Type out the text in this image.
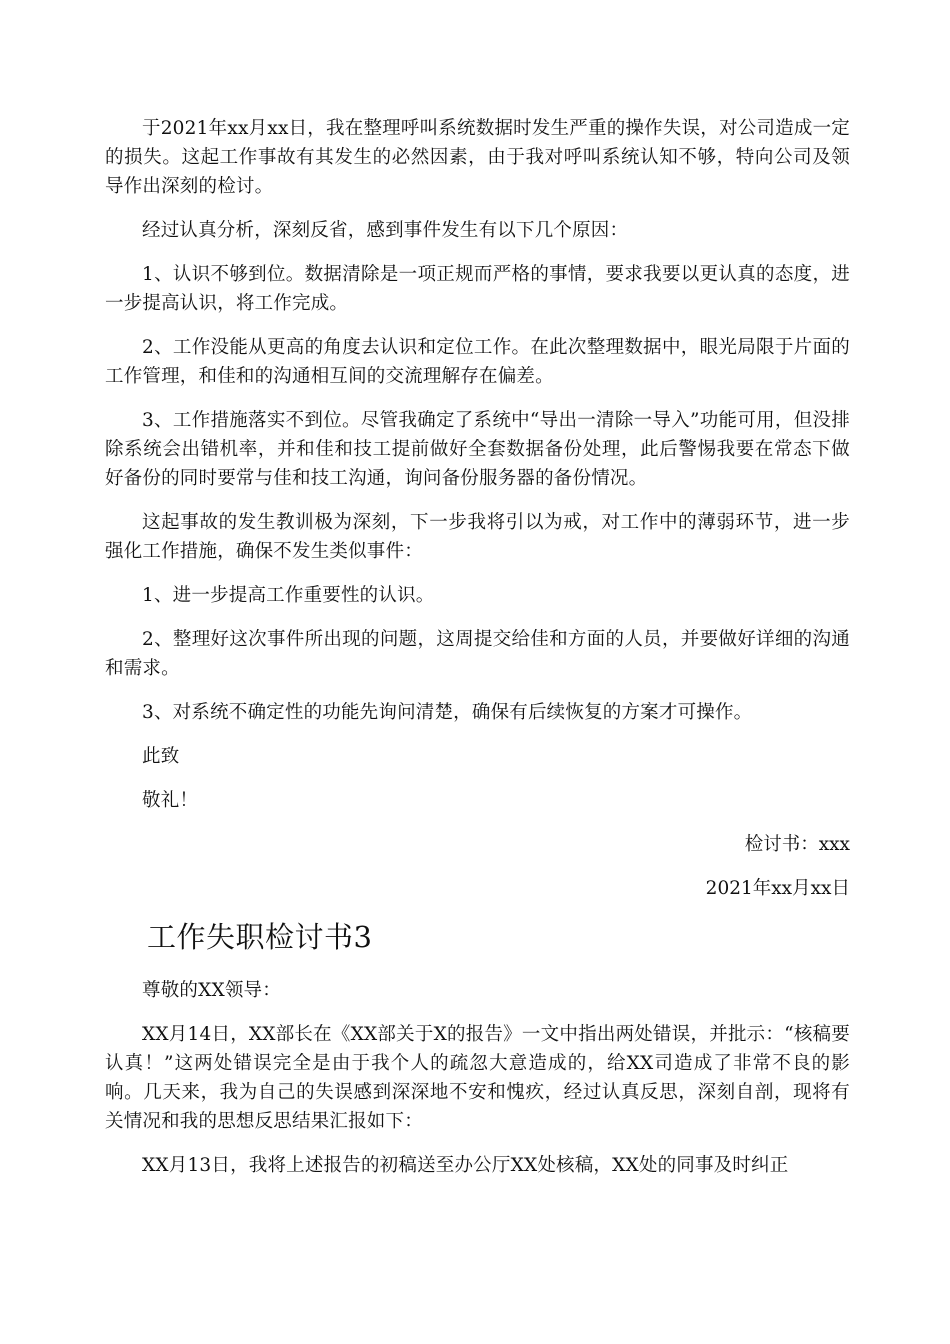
于2021年xx月xx日，我在整理呼叫系统数据时发生严重的操作失误，对公司造成一定的损失。这起工作事故有其发生的必然因素，由于我对呼叫系统认知不够，特向公司及领导作出深刻的检讨。

经过认真分析，深刻反省，感到事件发生有以下几个原因：

1、认识不够到位。数据清除是一项正规而严格的事情，要求我要以更认真的态度，进一步提高认识，将工作完成。

2、工作没能从更高的角度去认识和定位工作。在此次整理数据中，眼光局限于片面的工作管理，和佳和的沟通相互间的交流理解存在偏差。

3、工作措施落实不到位。尽管我确定了系统中“导出一清除一导入”功能可用，但没排除系统会出错机率，并和佳和技工提前做好全套数据备份处理，此后警惕我要在常态下做好备份的同时要常与佳和技工沟通，询问备份服务器的备份情况。

这起事故的发生教训极为深刻，下一步我将引以为戒，对工作中的薄弱环节，进一步强化工作措施，确保不发生类似事件：

1、进一步提高工作重要性的认识。

2、整理好这次事件所出现的问题，这周提交给佳和方面的人员，并要做好详细的沟通和需求。

3、对系统不确定性的功能先询问清楚，确保有后续恢复的方案才可操作。

此致

敬礼！

检讨书：xxx

2021年xx月xx日

工作失职检讨书3

尊敬的XX领导：

XX月14日，XX部长在《XX部关于X的报告》一文中指出两处错误，并批示：“核稿要认真！”这两处错误完全是由于我个人的疏忽大意造成的，给XX司造成了非常不良的影响。几天来，我为自己的失误感到深深地不安和愧疚，经过认真反思，深刻自剖，现将有关情况和我的思想反思结果汇报如下：

XX月13日，我将上述报告的初稿送至办公厅XX处核稿，XX处的同事及时纠正
